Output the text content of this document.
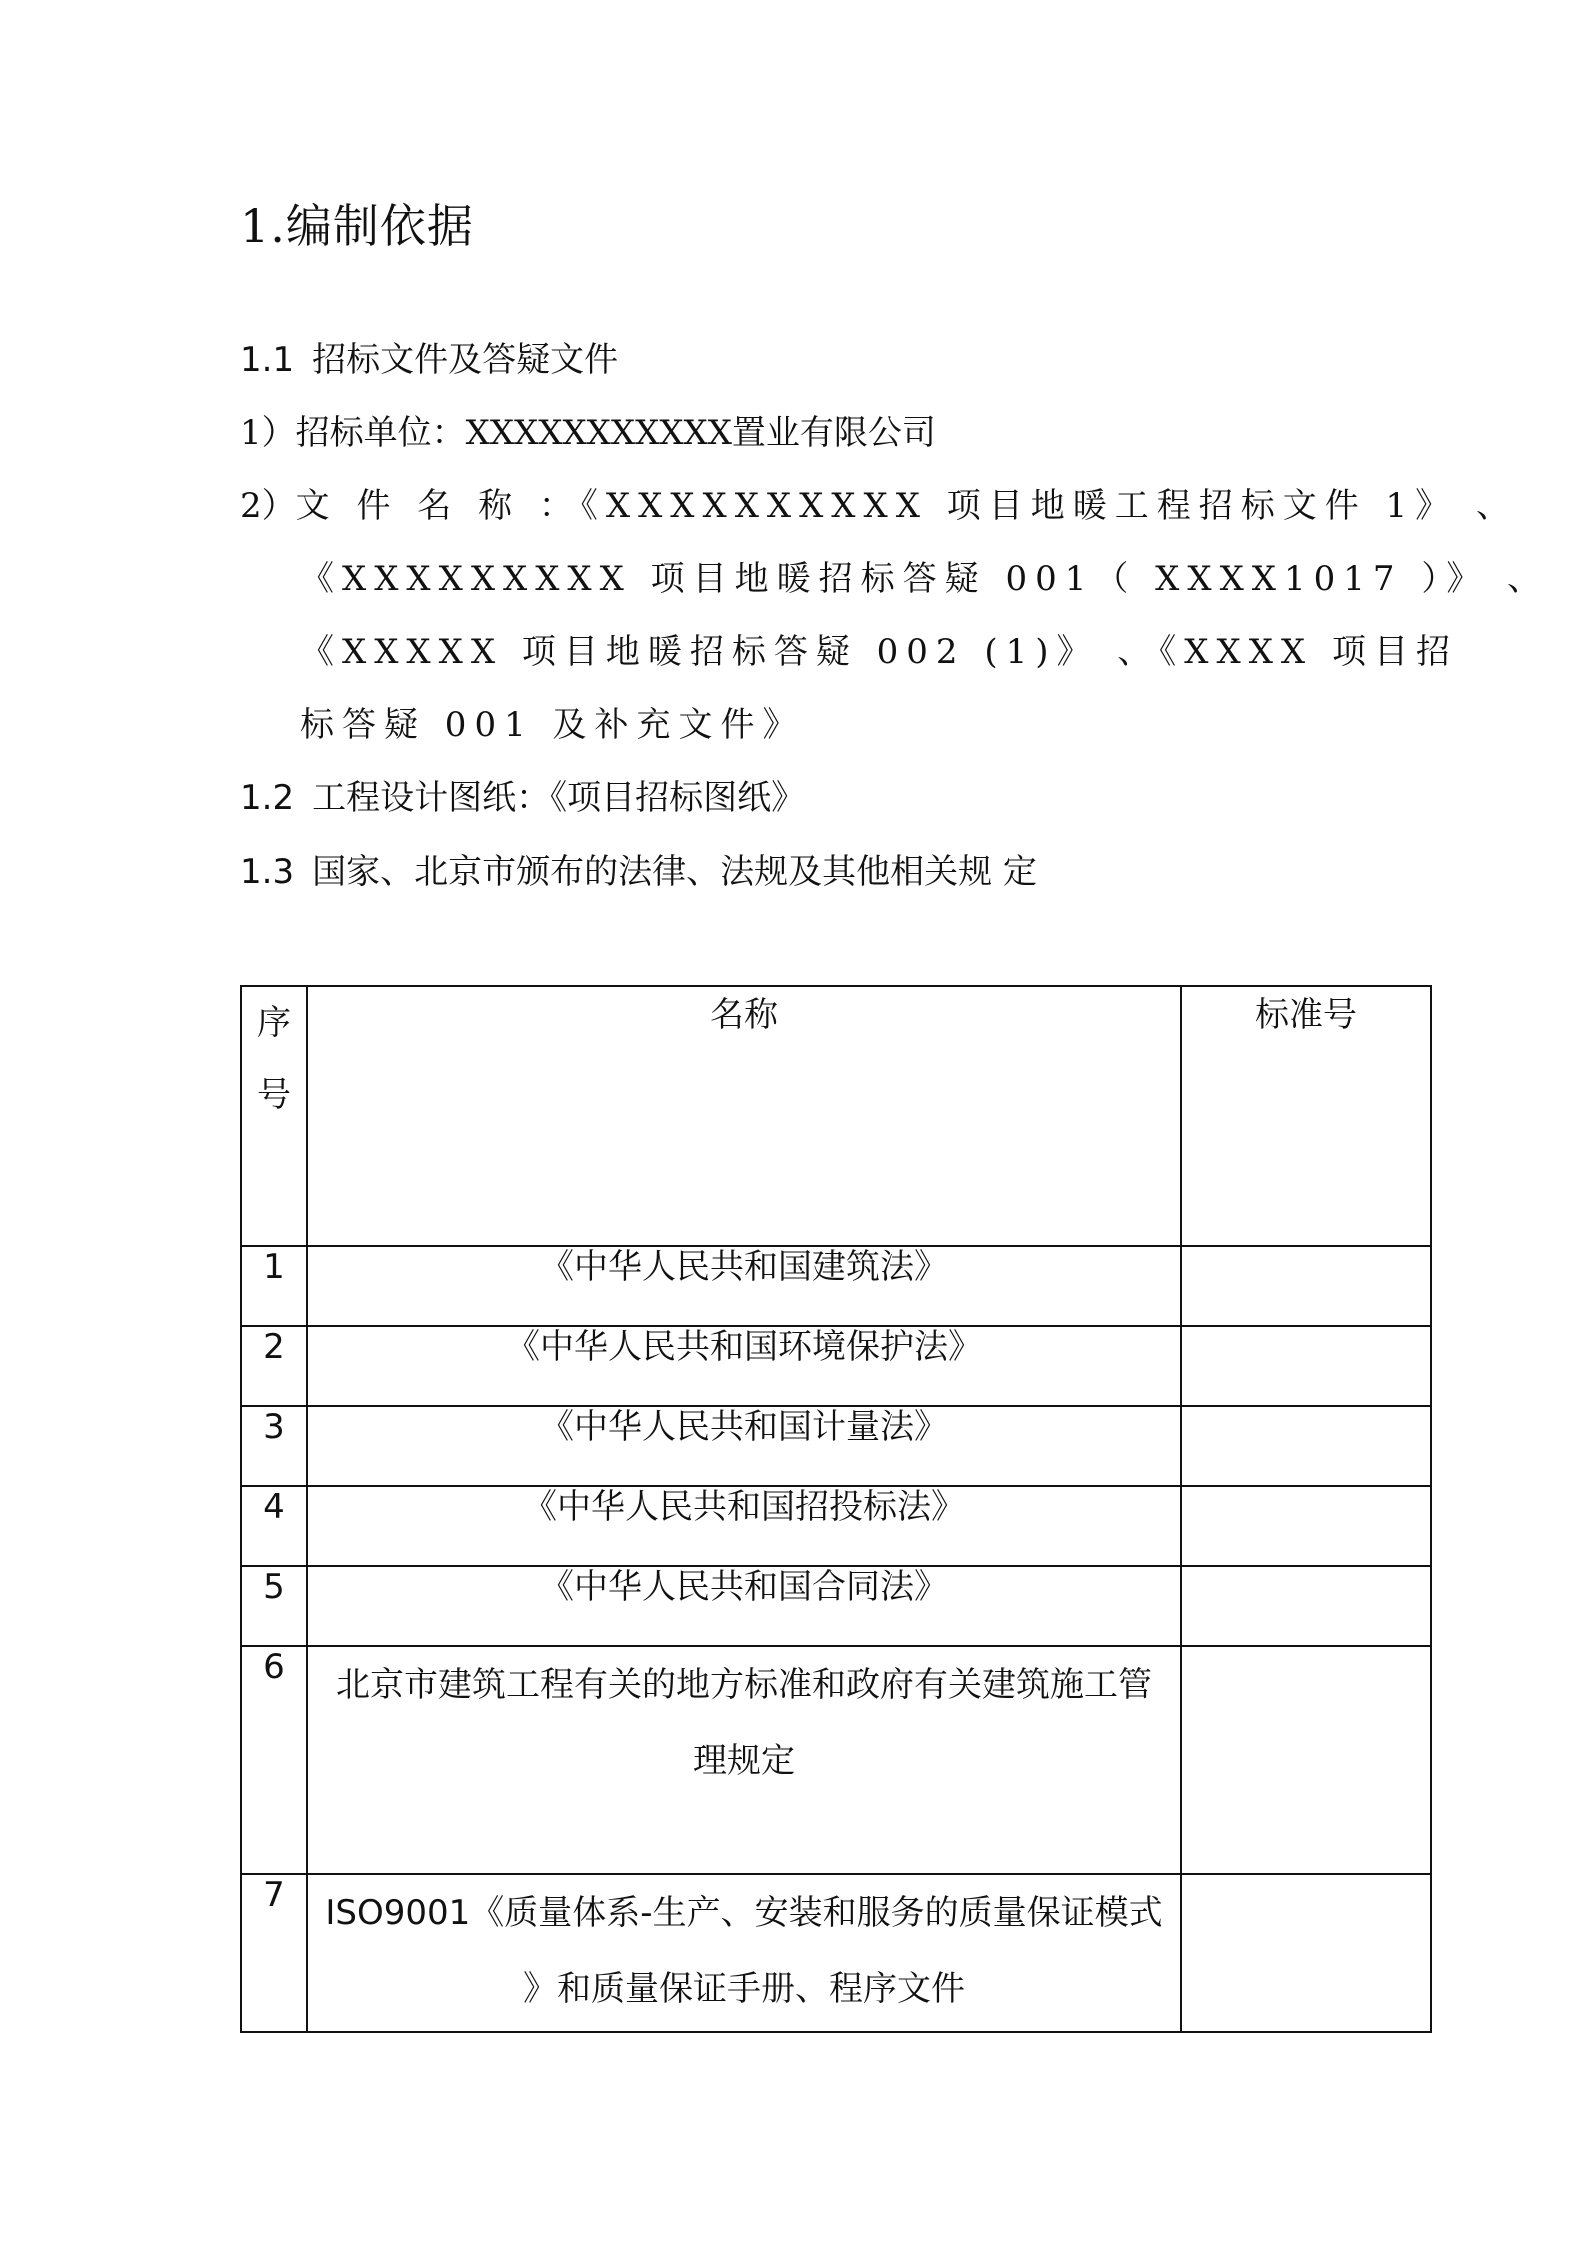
1.编制依据
1.1 招标文件及答疑文件
1）招标单位：XXXXXXXXXXX置业有限公司
2）文 件 名 称 ：《XXXXXXXXXX 项目地暖工程招标文件 1》 、
《XXXXXXXXX 项目地暖招标答疑 001（ XXXX1017 ）》 、
《XXXXX 项目地暖招标答疑 002 (1)》 、《XXXX 项目招
标答疑 001 及补充文件》
1.2 工程设计图纸：《项目招标图纸》
1.3 国家、北京市颁布的法律、法规及其他相关规 定
序
号	名称	标准号
1	《中华人民共和国建筑法》	
2	《中华人民共和国环境保护法》	
3	《中华人民共和国计量法》	
4	《中华人民共和国招投标法》	
5	《中华人民共和国合同法》	
6	北京市建筑工程有关的地方标准和政府有关建筑施工管
理规定	

7	ISO9001《质量体系-生产、安装和服务的质量保证模式
》和质量保证手册、程序文件	
